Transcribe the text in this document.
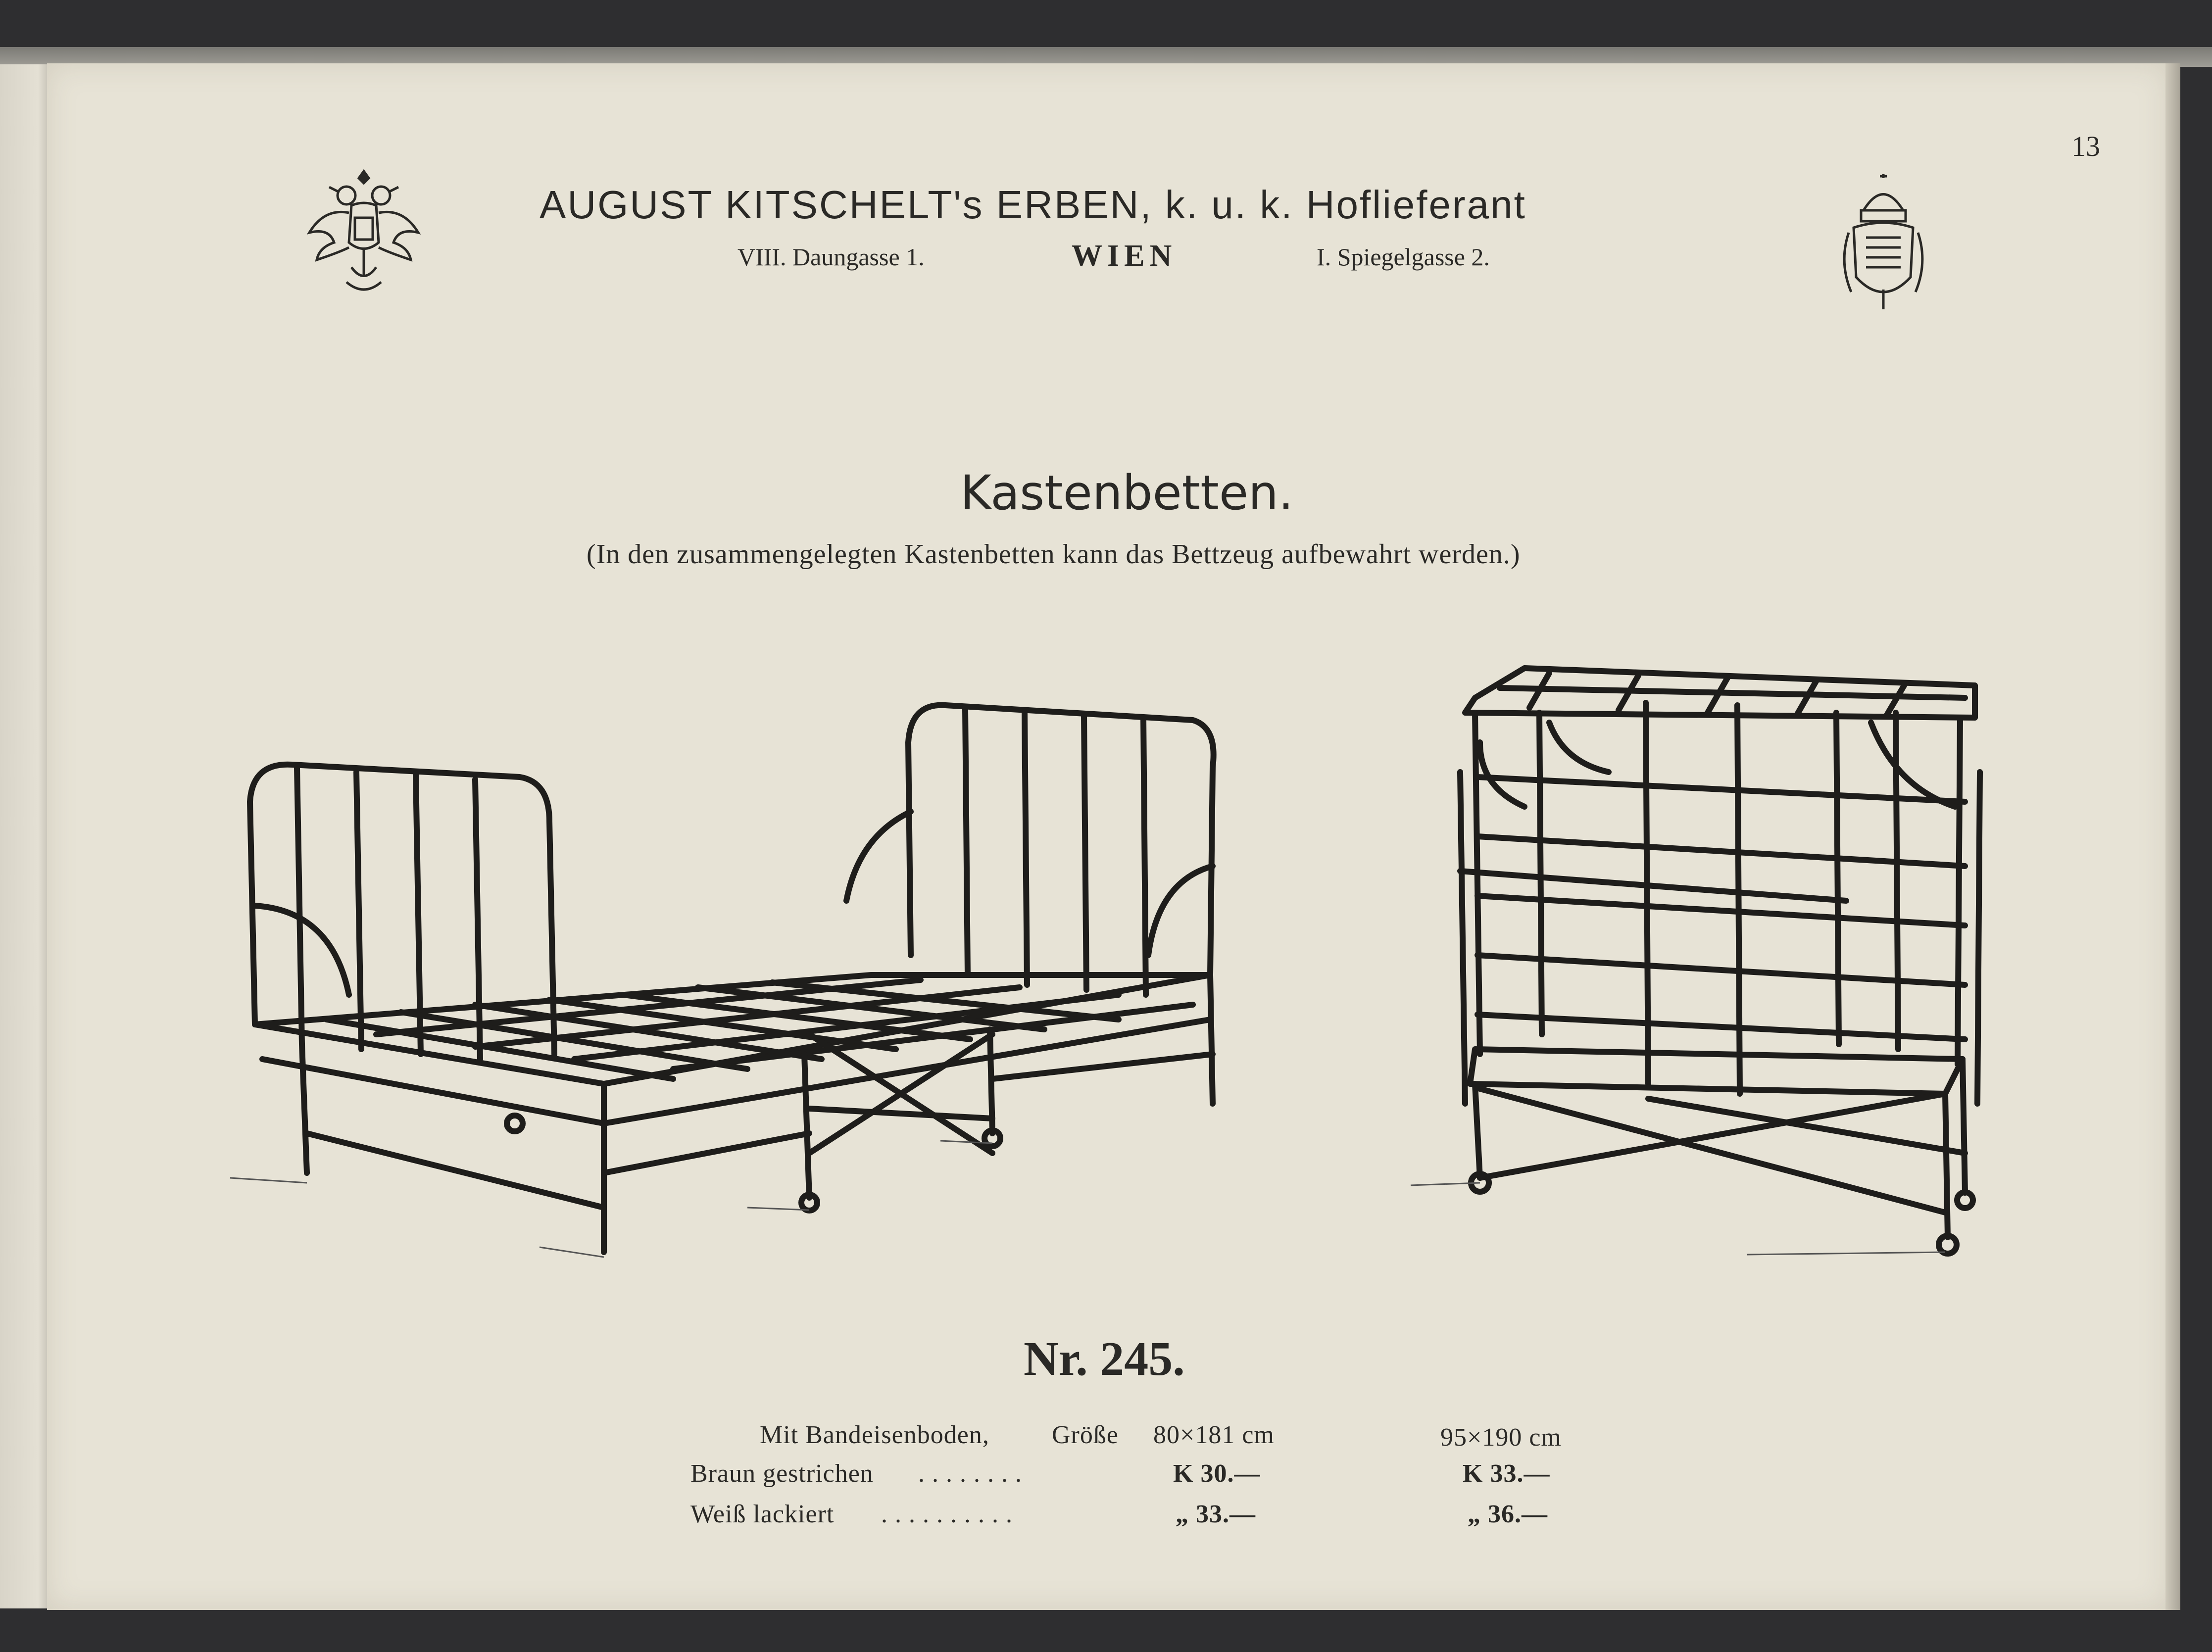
13
AUGUST KITSCHELT's ERBEN, k. u. k. Hoflieferant
VIII. Daungasse 1.	WIEN	I. Spiegelgasse 2.
Kastenbetten.
(In den zusammengelegten Kastenbetten kann das Bettzeug aufbewahrt werden.)
Nr. 245.
Mit Bandeisenboden, Größe 80×181 cm	95×190 cm
Braun gestrichen . . . . . . . .	K 30.—	K 33.—
Weiß lackiert . . . . . . . . . .	„ 33.—	„ 36.—
